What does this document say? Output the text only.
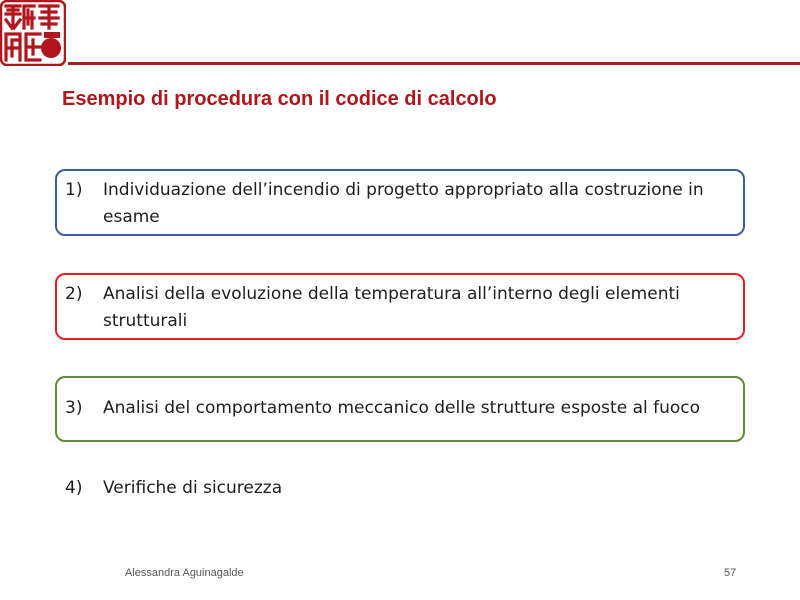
Esempio di procedura con il codice di calcolo
1) Individuazione dell’incendio di progetto appropriato alla costruzione in esame
2) Analisi della evoluzione della temperatura all’interno degli elementi strutturali
3) Analisi del comportamento meccanico delle strutture esposte al fuoco
4) Verifiche di sicurezza
Alessandra Aguinagalde	57
